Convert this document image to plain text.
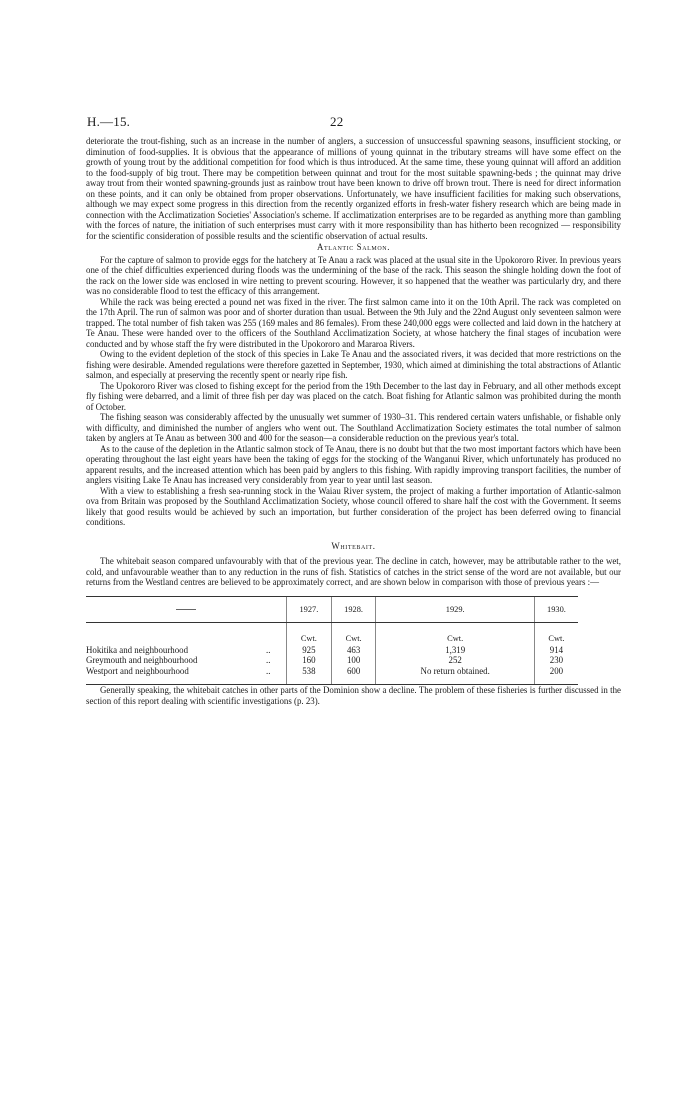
H.—15.	22

deteriorate the trout-fishing, such as an increase in the number of anglers, a succession of unsuccessful spawning seasons, insufficient stocking, or diminution of food-supplies. It is obvious that the appearance of millions of young quinnat in the tributary streams will have some effect on the growth of young trout by the additional competition for food which is thus introduced. At the same time, these young quinnat will afford an addition to the food-supply of big trout. There may be competition between quinnat and trout for the most suitable spawning-beds ; the quinnat may drive away trout from their wonted spawning-grounds just as rainbow trout have been known to drive off brown trout. There is need for direct information on these points, and it can only be obtained from proper observations. Unfortunately, we have insufficient facilities for making such observations, although we may expect some progress in this direction from the recently organized efforts in fresh-water fishery research which are being made in connection with the Acclimatization Societies' Association's scheme. If acclimatization enterprises are to be regarded as anything more than gambling with the forces of nature, the initiation of such enterprises must carry with it more responsibility than has hitherto been recognized — responsibility for the scientific consideration of possible results and the scientific observation of actual results.

Atlantic Salmon.

For the capture of salmon to provide eggs for the hatchery at Te Anau a rack was placed at the usual site in the Upokororo River. In previous years one of the chief difficulties experienced during floods was the undermining of the base of the rack. This season the shingle holding down the foot of the rack on the lower side was enclosed in wire netting to prevent scouring. However, it so happened that the weather was particularly dry, and there was no considerable flood to test the efficacy of this arrangement.

While the rack was being erected a pound net was fixed in the river. The first salmon came into it on the 10th April. The rack was completed on the 17th April. The run of salmon was poor and of shorter duration than usual. Between the 9th July and the 22nd August only seventeen salmon were trapped. The total number of fish taken was 255 (169 males and 86 females). From these 240,000 eggs were collected and laid down in the hatchery at Te Anau. These were handed over to the officers of the Southland Acclimatization Society, at whose hatchery the final stages of incubation were conducted and by whose staff the fry were distributed in the Upokororo and Mararoa Rivers.

Owing to the evident depletion of the stock of this species in Lake Te Anau and the associated rivers, it was decided that more restrictions on the fishing were desirable. Amended regulations were therefore gazetted in September, 1930, which aimed at diminishing the total abstractions of Atlantic salmon, and especially at preserving the recently spent or nearly ripe fish.

The Upokororo River was closed to fishing except for the period from the 19th December to the last day in February, and all other methods except fly fishing were debarred, and a limit of three fish per day was placed on the catch. Boat fishing for Atlantic salmon was prohibited during the month of October.

The fishing season was considerably affected by the unusually wet summer of 1930–31. This rendered certain waters unfishable, or fishable only with difficulty, and diminished the number of anglers who went out. The Southland Acclimatization Society estimates the total number of salmon taken by anglers at Te Anau as between 300 and 400 for the season—a considerable reduction on the previous year's total.

As to the cause of the depletion in the Atlantic salmon stock of Te Anau, there is no doubt but that the two most important factors which have been operating throughout the last eight years have been the taking of eggs for the stocking of the Wanganui River, which unfortunately has produced no apparent results, and the increased attention which has been paid by anglers to this fishing. With rapidly improving transport facilities, the number of anglers visiting Lake Te Anau has increased very considerably from year to year until last season.

With a view to establishing a fresh sea-running stock in the Waiau River system, the project of making a further importation of Atlantic-salmon ova from Britain was proposed by the Southland Acclimatization Society, whose council offered to share half the cost with the Government. It seems likely that good results would be achieved by such an importation, but further consideration of the project has been deferred owing to financial conditions.

Whitebait.

The whitebait season compared unfavourably with that of the previous year. The decline in catch, however, may be attributable rather to the wet, cold, and unfavourable weather than to any reduction in the runs of fish. Statistics of catches in the strict sense of the word are not available, but our returns from the Westland centres are believed to be approximately correct, and are shown below in comparison with those of previous years :—

		1927.	1928.	1929.	1930.
		Cwt.	Cwt.	Cwt.	Cwt.
Hokitika and neighbourhood	..	925	463	1,319	914
Greymouth and neighbourhood	..	160	100	252	230
Westport and neighbourhood	..	538	600	No return obtained.	200

Generally speaking, the whitebait catches in other parts of the Dominion show a decline. The problem of these fisheries is further discussed in the section of this report dealing with scientific investigations (p. 23).
